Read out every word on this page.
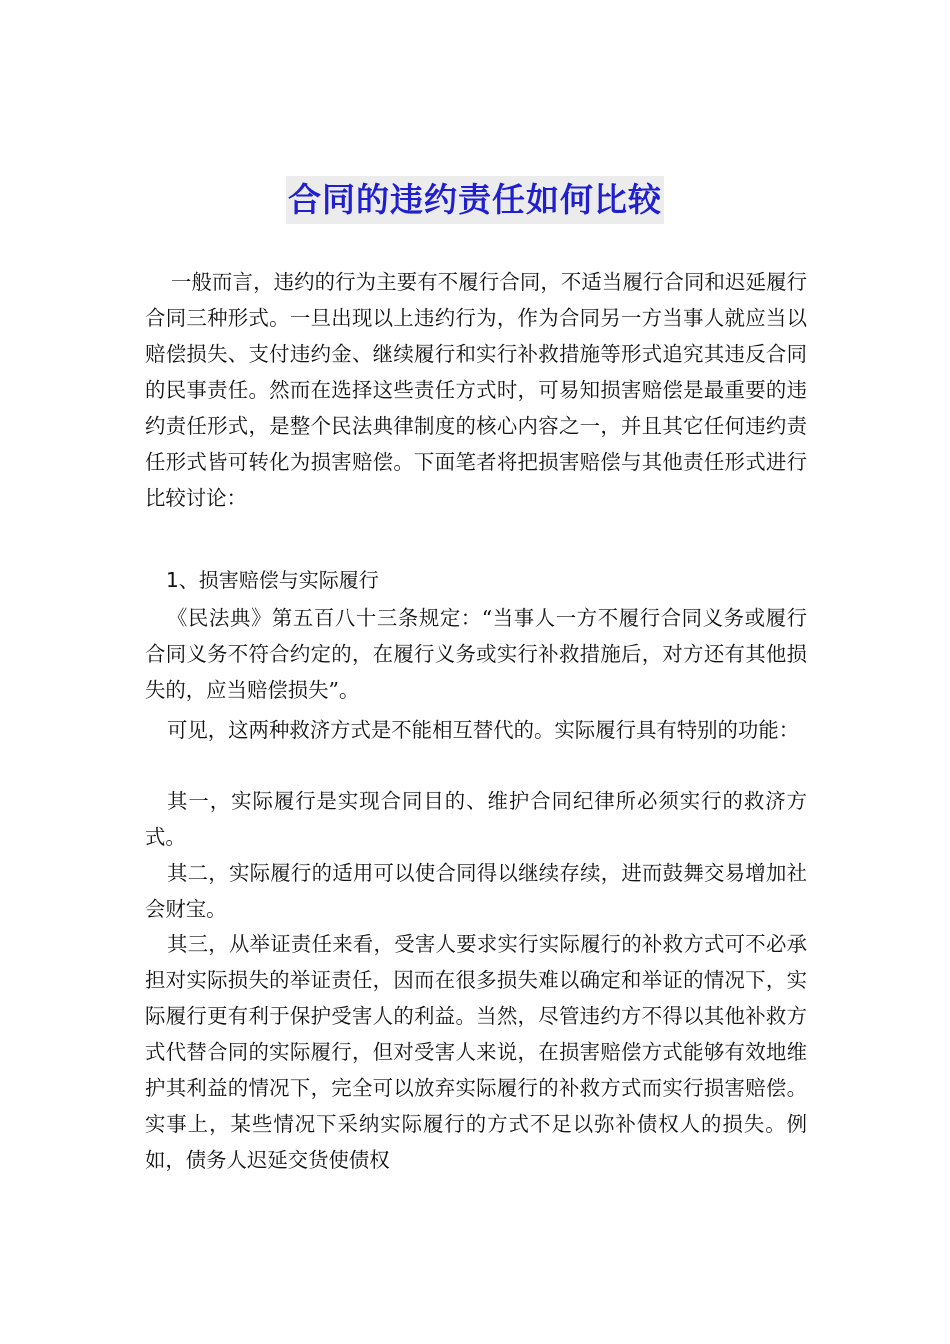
合同的违约责任如何比较

一般而言，违约的行为主要有不履行合同，不适当履行合同和迟延履行合同三种形式。一旦出现以上违约行为，作为合同另一方当事人就应当以赔偿损失、支付违约金、继续履行和实行补救措施等形式追究其违反合同的民事责任。然而在选择这些责任方式时，可易知损害赔偿是最重要的违约责任形式，是整个民法典律制度的核心内容之一，并且其它任何违约责任形式皆可转化为损害赔偿。下面笔者将把损害赔偿与其他责任形式进行比较讨论：

1、损害赔偿与实际履行

《民法典》第五百八十三条规定：“当事人一方不履行合同义务或履行合同义务不符合约定的，在履行义务或实行补救措施后，对方还有其他损失的，应当赔偿损失”。

可见，这两种救济方式是不能相互替代的。实际履行具有特别的功能：

其一，实际履行是实现合同目的、维护合同纪律所必须实行的救济方式。

其二，实际履行的适用可以使合同得以继续存续，进而鼓舞交易增加社会财宝。

其三，从举证责任来看，受害人要求实行实际履行的补救方式可不必承担对实际损失的举证责任，因而在很多损失难以确定和举证的情况下，实际履行更有利于保护受害人的利益。当然，尽管违约方不得以其他补救方式代替合同的实际履行，但对受害人来说，在损害赔偿方式能够有效地维护其利益的情况下，完全可以放弃实际履行的补救方式而实行损害赔偿。实事上，某些情况下采纳实际履行的方式不足以弥补债权人的损失。例如，债务人迟延交货使债权
